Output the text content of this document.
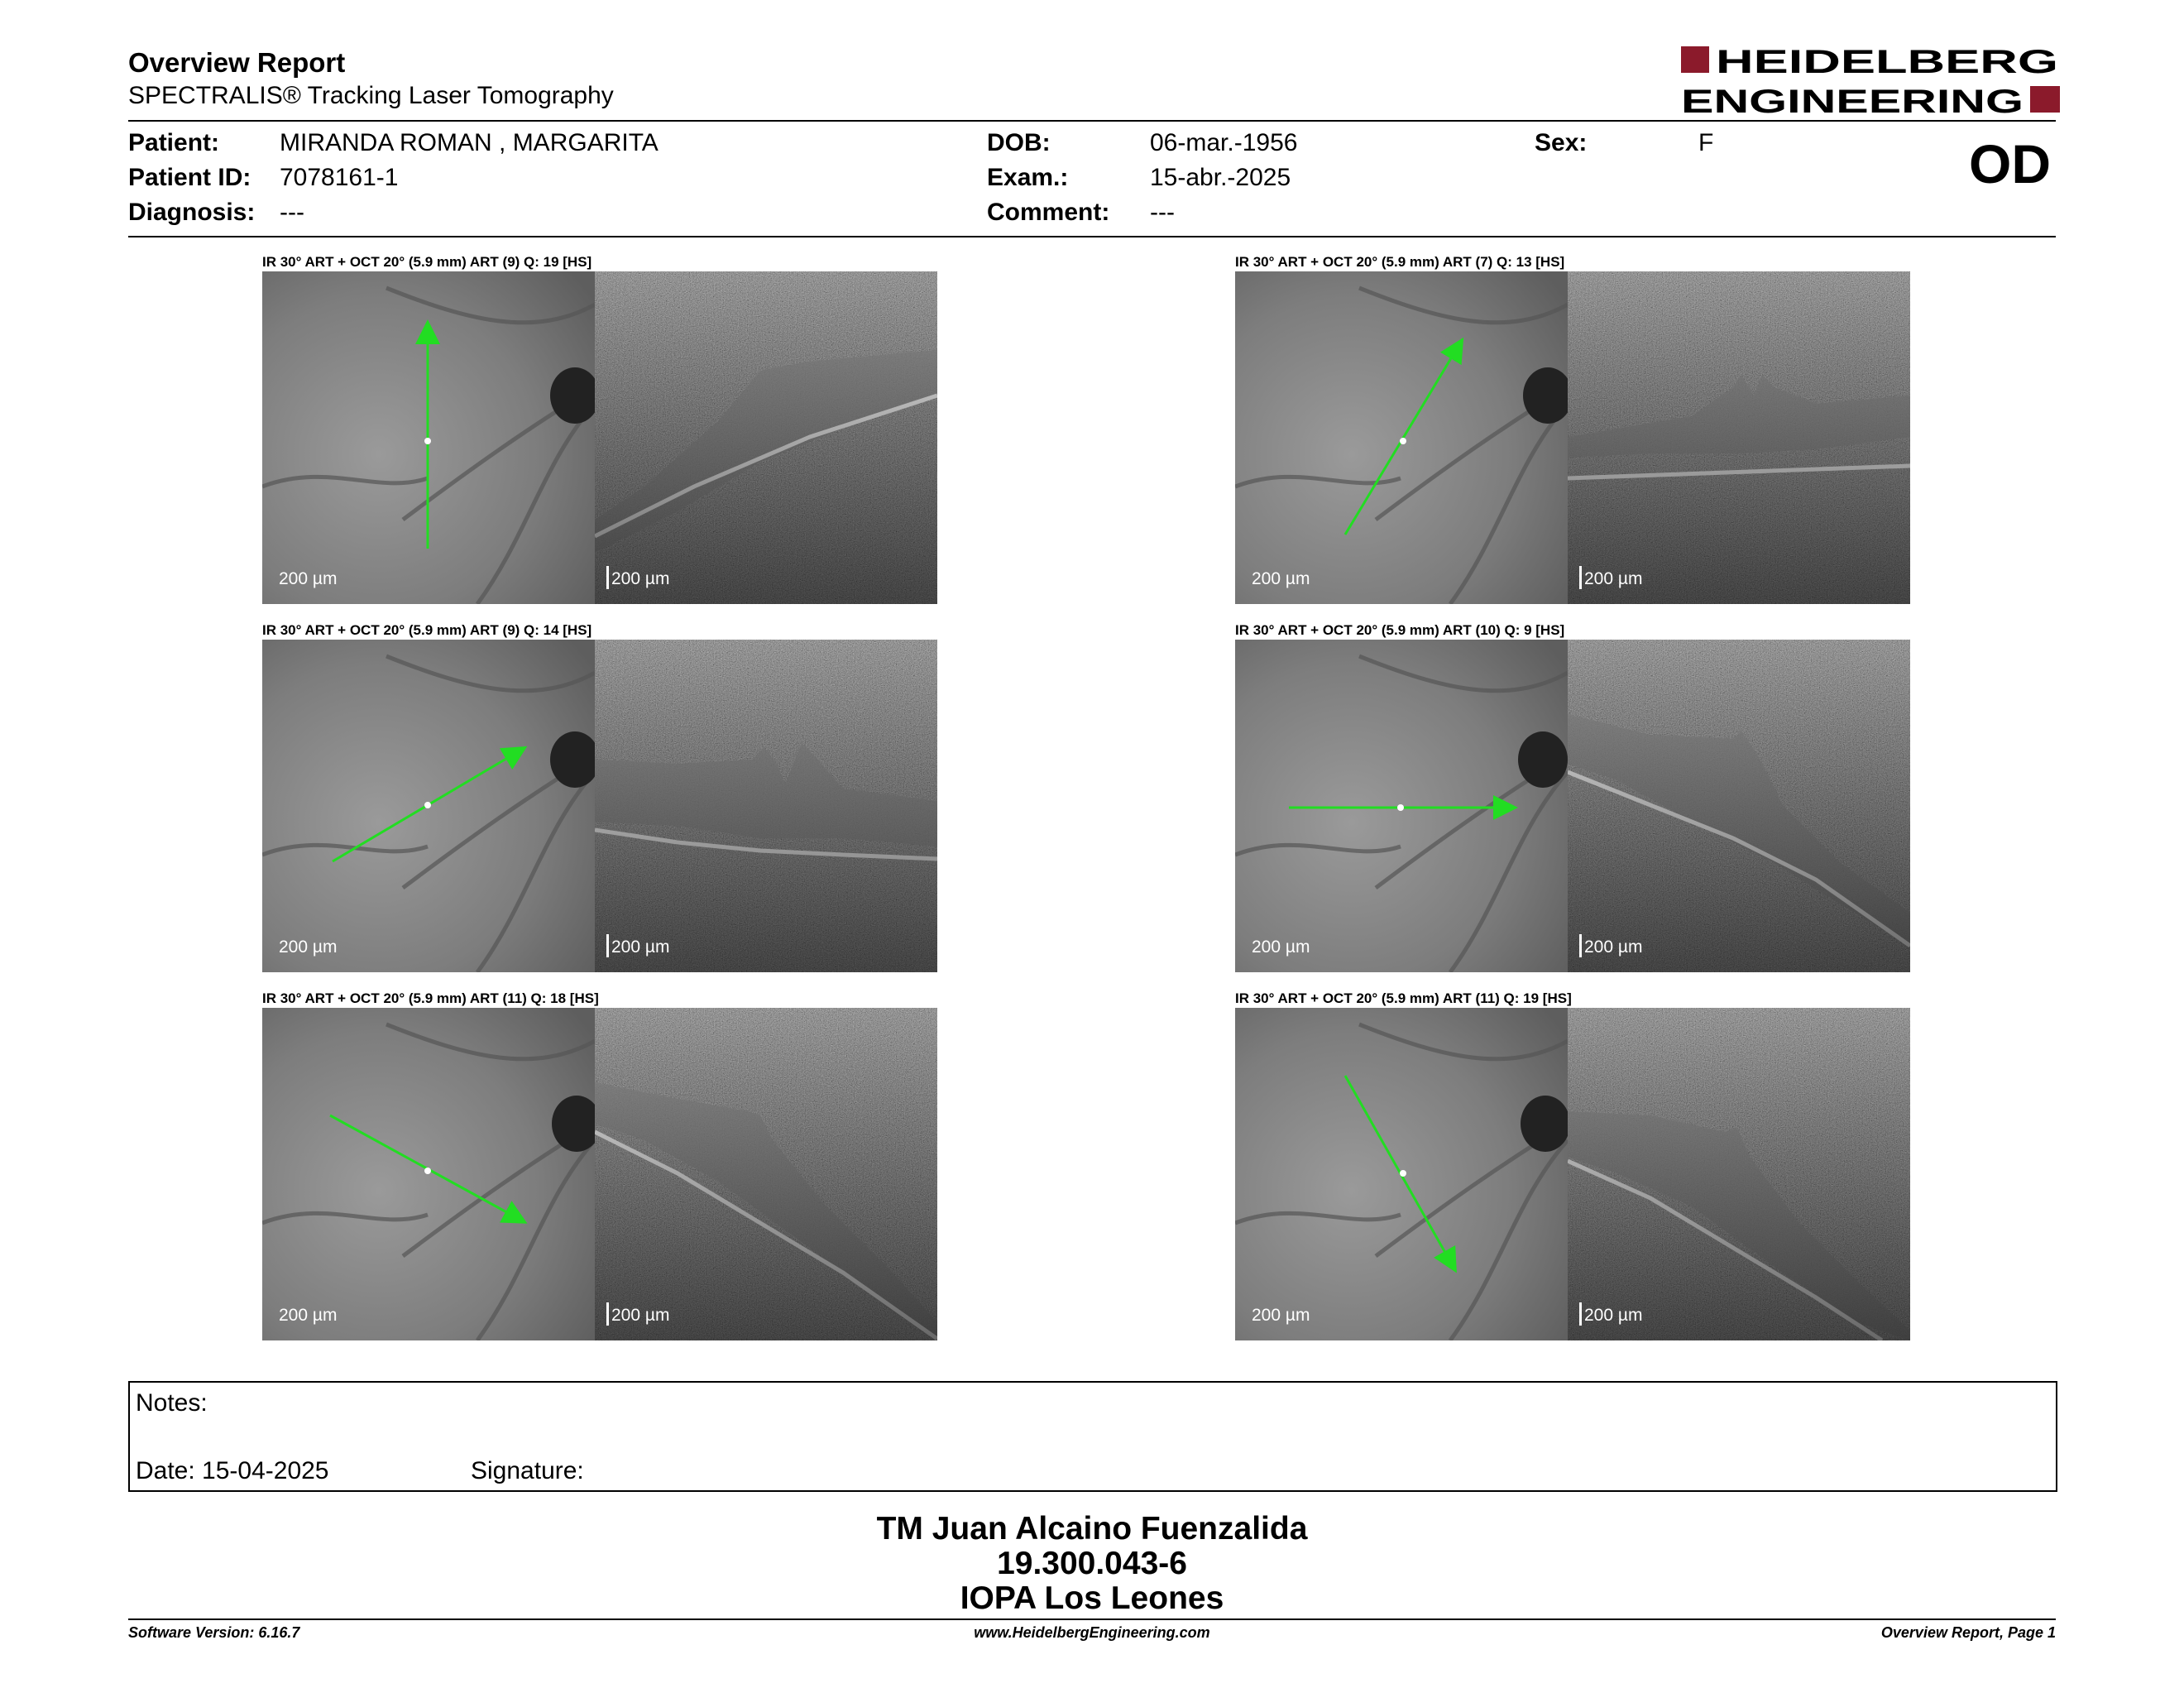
Overview Report
SPECTRALIS® Tracking Laser Tomography
HEIDELBERG
ENGINEERING
Patient: MIRANDA ROMAN , MARGARITA
Patient ID: 7078161-1
Diagnosis: ---
DOB:	06-mar.-1956
Exam.:	15-abr.-2025
Comment: ---
Sex:	F	OD
IR 30° ART + OCT 20° (5.9 mm) ART (9) Q: 19 [HS]
200 µm	200 µm
IR 30° ART + OCT 20° (5.9 mm) ART (7) Q: 13 [HS]
200 µm	200 µm
IR 30° ART + OCT 20° (5.9 mm) ART (9) Q: 14 [HS]
200 µm	200 µm
IR 30° ART + OCT 20° (5.9 mm) ART (10) Q: 9 [HS]
200 µm	200 µm
IR 30° ART + OCT 20° (5.9 mm) ART (11) Q: 18 [HS]
200 µm	200 µm
IR 30° ART + OCT 20° (5.9 mm) ART (11) Q: 19 [HS]
200 µm	200 µm
Notes:
Date: 15-04-2025	Signature:
TM Juan Alcaino Fuenzalida
19.300.043-6
IOPA Los Leones
Software Version: 6.16.7	www.HeidelbergEngineering.com	Overview Report, Page 1
